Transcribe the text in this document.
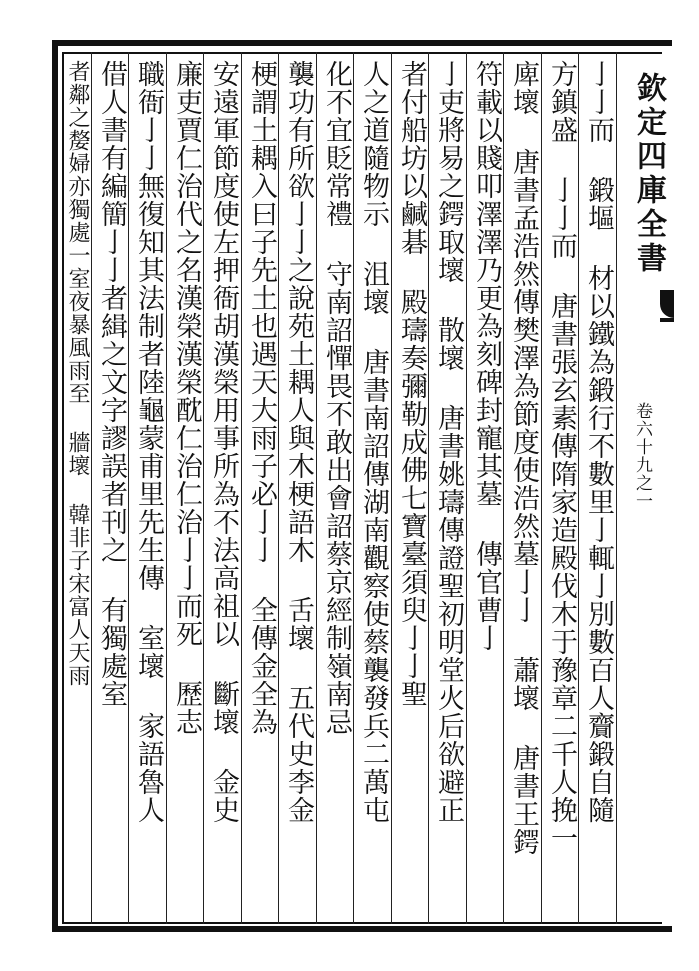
欽定四庫全書
卷六十九之一
亅亅而 鍛塸 材以鐵為鍛行不數里亅輒亅別數百人齎鍛自隨
方鎮盛 亅亅而 唐書張玄素傳隋家造殿伐木于豫章二千人挽一
庳壞 唐書孟浩然傳樊澤為節度使浩然墓亅亅 蕭壞 唐書王鍔
符載以賤叩澤澤乃更為刻碑封寵其墓 傳官曹亅
亅吏將易之鍔取壞 散壞 唐書姚璹傳證聖初明堂火后欲避正
者付船坊以鹹碁 殿璹奏彌勒成佛七寶臺須臾亅亅聖
人之道隨物示 沮壞 唐書南詔傳湖南觀察使蔡襲發兵二萬屯
化不宜貶常禮 守南詔憚畏不敢出會詔蔡京經制嶺南忌
襲功有所欲亅亅之說苑土耦人與木梗語木 舌壞 五代史李金
梗謂土耦入曰子先土也遇天大雨子必亅亅 全傳金全為
安遠軍節度使左押衙胡漢榮用事所為不法高祖以 斷壞 金史
廉吏賈仁治代之名漢榮漢榮酖仁治仁治亅亅而死 歷志
職衙亅亅無復知其法制者陸龜蒙甫里先生傳 室壞 家語魯人
借人書有編簡亅亅者緝之文字謬誤者刊之 有獨處室
者鄰之嫠婦亦獨處一室夜暴風雨至 牆壞 韓非子宋富人天雨
